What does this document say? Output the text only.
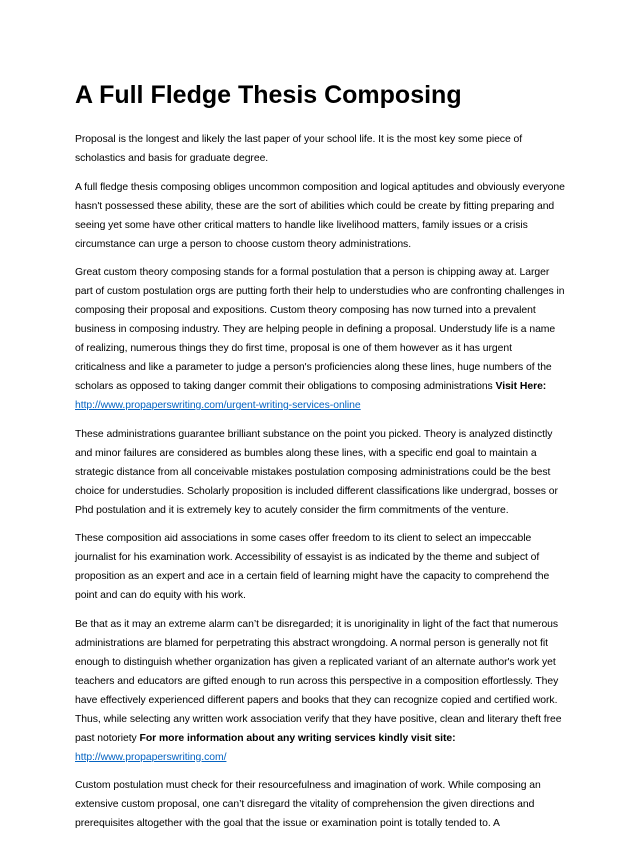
A Full Fledge Thesis Composing

Proposal is the longest and likely the last paper of your school life. It is the most key some piece of scholastics and basis for graduate degree.

A full fledge thesis composing obliges uncommon composition and logical aptitudes and obviously everyone hasn't possessed these ability, these are the sort of abilities which could be create by fitting preparing and seeing yet some have other critical matters to handle like livelihood matters, family issues or a crisis circumstance can urge a person to choose custom theory administrations.

Great custom theory composing stands for a formal postulation that a person is chipping away at. Larger part of custom postulation orgs are putting forth their help to understudies who are confronting challenges in composing their proposal and expositions. Custom theory composing has now turned into a prevalent business in composing industry. They are helping people in defining a proposal. Understudy life is a name of realizing, numerous things they do first time, proposal is one of them however as it has urgent criticalness and like a parameter to judge a person's proficiencies along these lines, huge numbers of the scholars as opposed to taking danger commit their obligations to composing administrations Visit Here: http://www.propaperswriting.com/urgent-writing-services-online

These administrations guarantee brilliant substance on the point you picked. Theory is analyzed distinctly and minor failures are considered as bumbles along these lines, with a specific end goal to maintain a strategic distance from all conceivable mistakes postulation composing administrations could be the best choice for understudies. Scholarly proposition is included different classifications like undergrad, bosses or Phd postulation and it is extremely key to acutely consider the firm commitments of the venture.

These composition aid associations in some cases offer freedom to its client to select an impeccable journalist for his examination work. Accessibility of essayist is as indicated by the theme and subject of proposition as an expert and ace in a certain field of learning might have the capacity to comprehend the point and can do equity with his work.

Be that as it may an extreme alarm can’t be disregarded; it is unoriginality in light of the fact that numerous administrations are blamed for perpetrating this abstract wrongdoing. A normal person is generally not fit enough to distinguish whether organization has given a replicated variant of an alternate author's work yet teachers and educators are gifted enough to run across this perspective in a composition effortlessly. They have effectively experienced different papers and books that they can recognize copied and certified work. Thus, while selecting any written work association verify that they have positive, clean and literary theft free past notoriety For more information about any writing services kindly visit site: http://www.propaperswriting.com/

Custom postulation must check for their resourcefulness and imagination of work. While composing an extensive custom proposal, one can’t disregard the vitality of comprehension the given directions and prerequisites altogether with the goal that the issue or examination point is totally tended to. A
